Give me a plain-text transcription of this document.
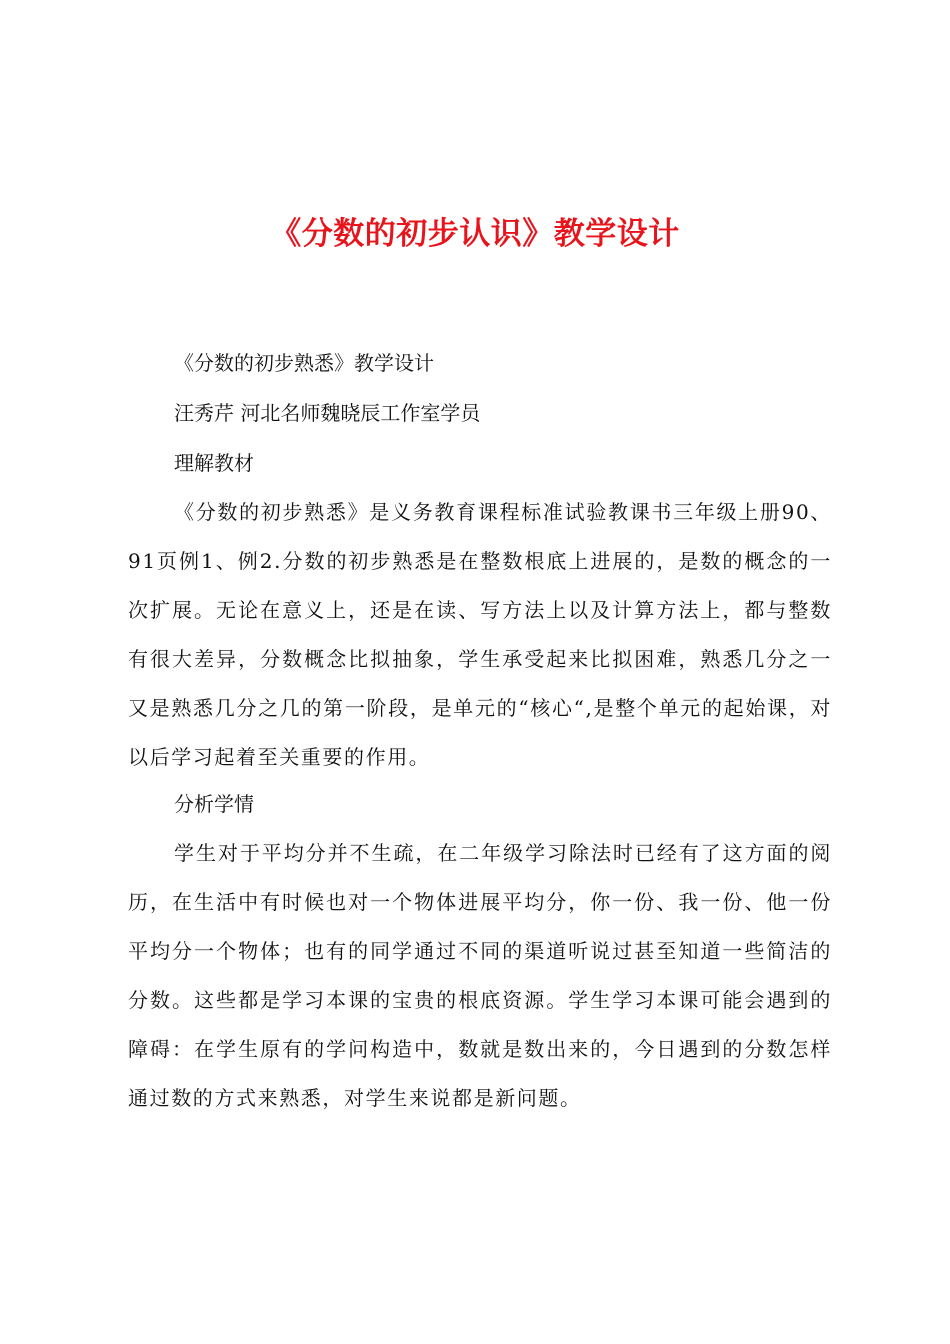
《分数的初步认识》教学设计

《分数的初步熟悉》教学设计

汪秀芹 河北名师魏晓辰工作室学员

理解教材

《分数的初步熟悉》是义务教育课程标准试验教课书三年级上册90、91页例1、例2.分数的初步熟悉是在整数根底上进展的，是数的概念的一次扩展。无论在意义上，还是在读、写方法上以及计算方法上，都与整数有很大差异，分数概念比拟抽象，学生承受起来比拟困难，熟悉几分之一又是熟悉几分之几的第一阶段，是单元的“核心“,是整个单元的起始课，对以后学习起着至关重要的作用。

分析学情

学生对于平均分并不生疏，在二年级学习除法时已经有了这方面的阅历，在生活中有时候也对一个物体进展平均分，你一份、我一份、他一份平均分一个物体；也有的同学通过不同的渠道听说过甚至知道一些简洁的分数。这些都是学习本课的宝贵的根底资源。学生学习本课可能会遇到的障碍：在学生原有的学问构造中，数就是数出来的，今日遇到的分数怎样通过数的方式来熟悉，对学生来说都是新问题。
